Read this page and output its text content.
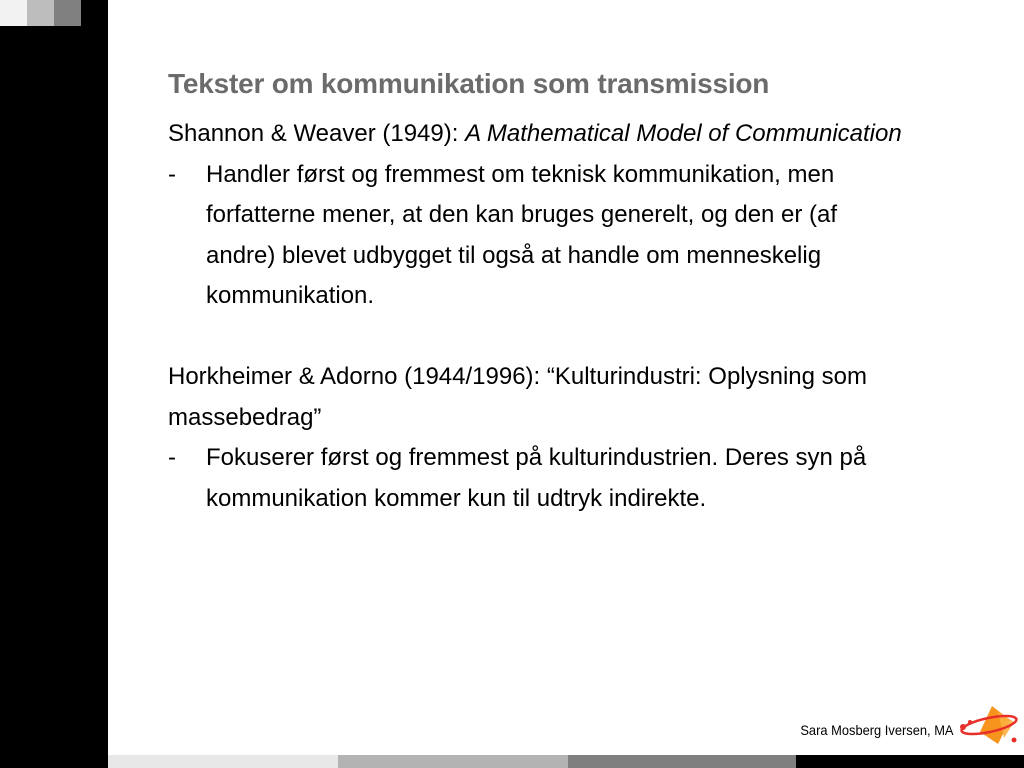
Tekster om kommunikation som transmission

Shannon & Weaver (1949): A Mathematical Model of Communication

-	Handler først og fremmest om teknisk kommunikation, men forfatterne mener, at den kan bruges generelt, og den er (af andre) blevet udbygget til også at handle om menneskelig kommunikation.

Horkheimer & Adorno (1944/1996): “Kulturindustri: Oplysning som massebedrag”

-	Fokuserer først og fremmest på kulturindustrien. Deres syn på kommunikation kommer kun til udtryk indirekte.
Sara Mosberg Iversen, MA
